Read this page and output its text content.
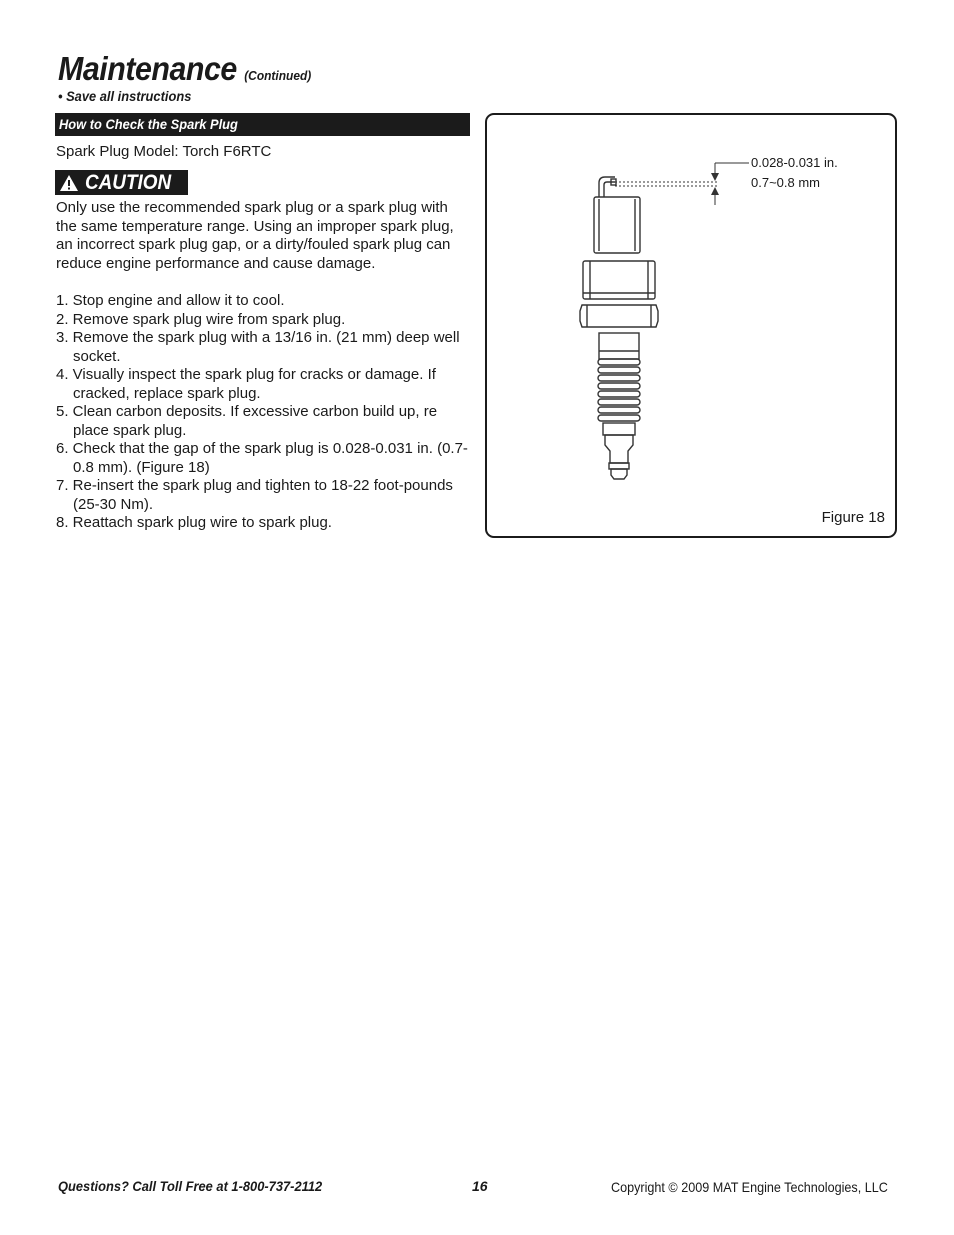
Maintenance (Continued)
• Save all instructions
How to Check the Spark Plug
Spark Plug Model: Torch F6RTC
CAUTION

Only use the recommended spark plug or a spark plug with the same temperature range. Using an improper spark plug, an incorrect spark plug gap, or a dirty/fouled spark plug can reduce engine performance and cause damage.

1. Stop engine and allow it to cool.
2. Remove spark plug wire from spark plug.
3. Remove the spark plug with a 13/16 in. (21 mm) deep well socket.
4. Visually inspect the spark plug for cracks or damage. If cracked, replace spark plug.
5. Clean carbon deposits. If excessive carbon build up, re place spark plug.
6. Check that the gap of the spark plug is 0.028-0.031 in. (0.7-0.8 mm). (Figure 18)
7. Re-insert the spark plug and tighten to 18-22 foot-pounds (25-30 Nm).
8. Reattach spark plug wire to spark plug.
0.028-0.031 in.
0.7~0.8 mm
Figure 18
Questions? Call Toll Free at 1-800-737-2112	16	Copyright © 2009 MAT Engine Technologies, LLC
